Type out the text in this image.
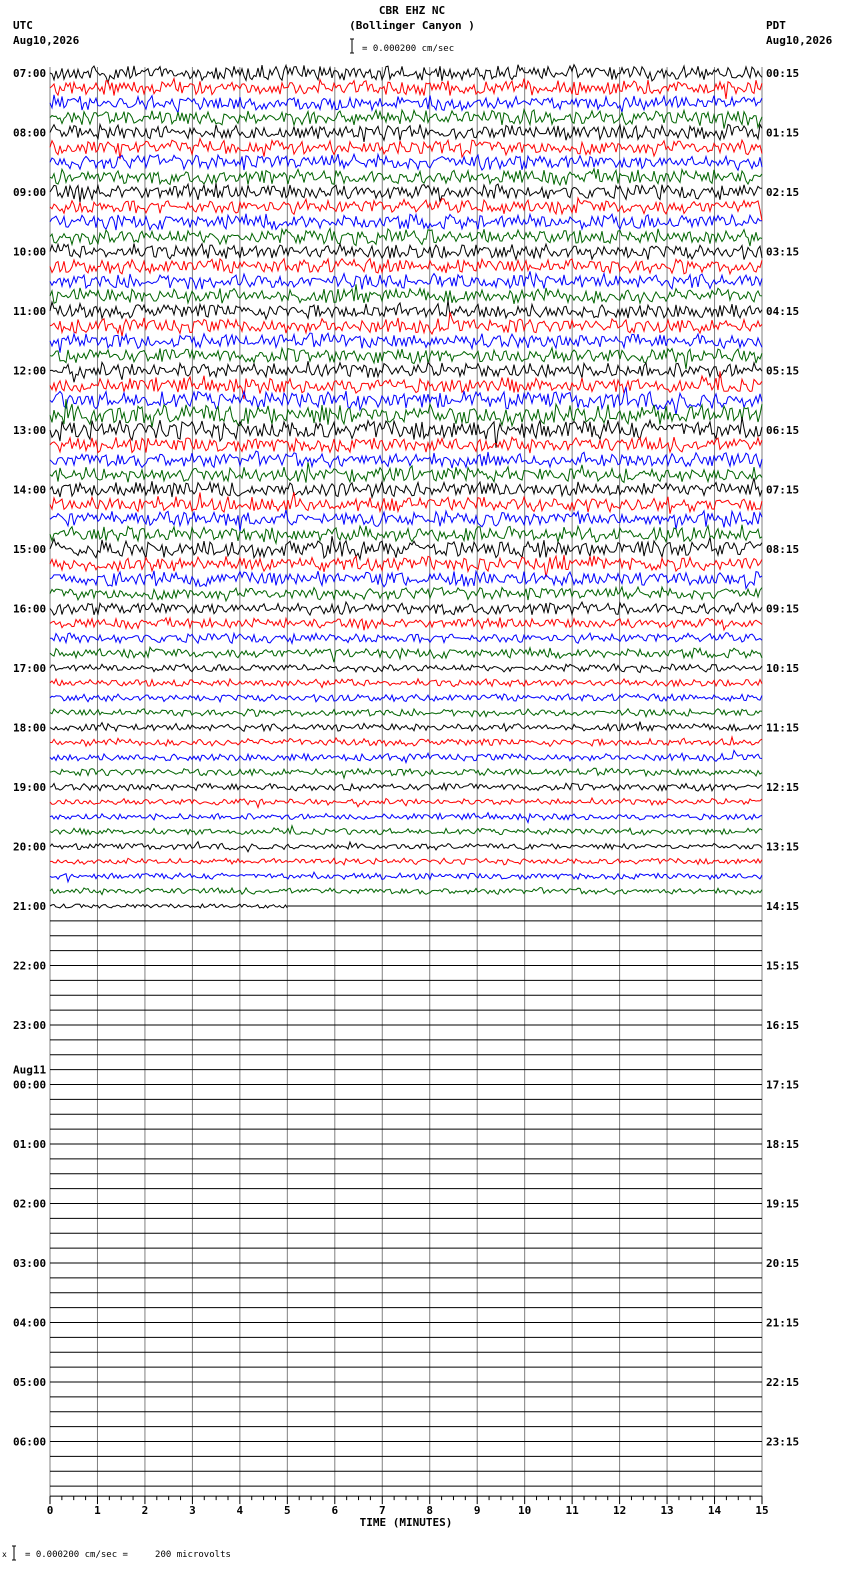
UTC
Aug10,2026
CBR EHZ NC
(Bollinger Canyon )
= 0.000200 cm/sec
PDT
Aug10,2026
0	1	2	3	4	5	6	7	8	9	10	11	12	13	14	15
TIME (MINUTES)
07:00
08:00
09:00
10:00
11:00
12:00
13:00
14:00
15:00
16:00
17:00
18:00
19:00
20:00
21:00
22:00
23:00
00:00
Aug11
01:00
02:00
03:00
04:00
05:00
06:00
00:15
01:15
02:15
03:15
04:15
05:15
06:15
07:15
08:15
09:15
10:15
11:15
12:15
13:15
14:15
15:15
16:15
17:15
18:15
19:15
20:15
21:15
22:15
23:15
x = 0.000200 cm/sec =     200 microvolts
